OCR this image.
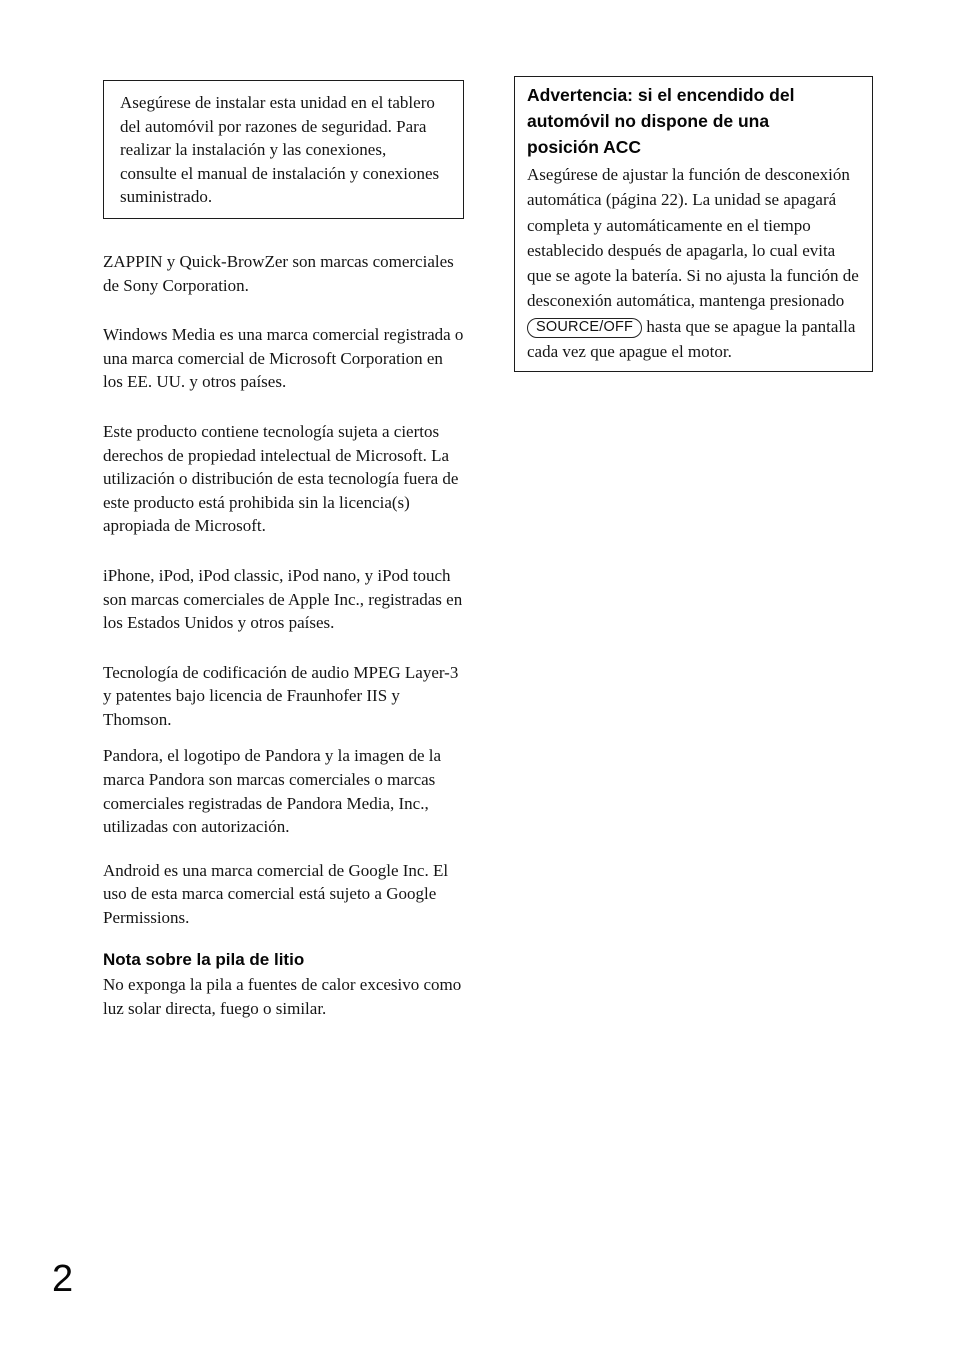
Asegúrese de instalar esta unidad en el tablero del automóvil por razones de seguridad. Para realizar la instalación y las conexiones, consulte el manual de instalación y conexiones suministrado.

ZAPPIN y Quick-BrowZer son marcas comerciales de Sony Corporation.

Windows Media es una marca comercial registrada o una marca comercial de Microsoft Corporation en los EE. UU. y otros países.

Este producto contiene tecnología sujeta a ciertos derechos de propiedad intelectual de Microsoft. La utilización o distribución de esta tecnología fuera de este producto está prohibida sin la licencia(s) apropiada de Microsoft.

iPhone, iPod, iPod classic, iPod nano, y iPod touch son marcas comerciales de Apple Inc., registradas en los Estados Unidos y otros países.

Tecnología de codificación de audio MPEG Layer-3 y patentes bajo licencia de Fraunhofer IIS y Thomson.

Pandora, el logotipo de Pandora y la imagen de la marca Pandora son marcas comerciales o marcas comerciales registradas de Pandora Media, Inc., utilizadas con autorización.

Android es una marca comercial de Google Inc. El uso de esta marca comercial está sujeto a Google Permissions.

Nota sobre la pila de litio

No exponga la pila a fuentes de calor excesivo como luz solar directa, fuego o similar.

Advertencia: si el encendido del automóvil no dispone de una posición ACC

Asegúrese de ajustar la función de desconexión automática (página 22). La unidad se apagará completa y automáticamente en el tiempo establecido después de apagarla, lo cual evita que se agote la batería. Si no ajusta la función de desconexión automática, mantenga presionado SOURCE/OFF hasta que se apague la pantalla cada vez que apague el motor.

2
